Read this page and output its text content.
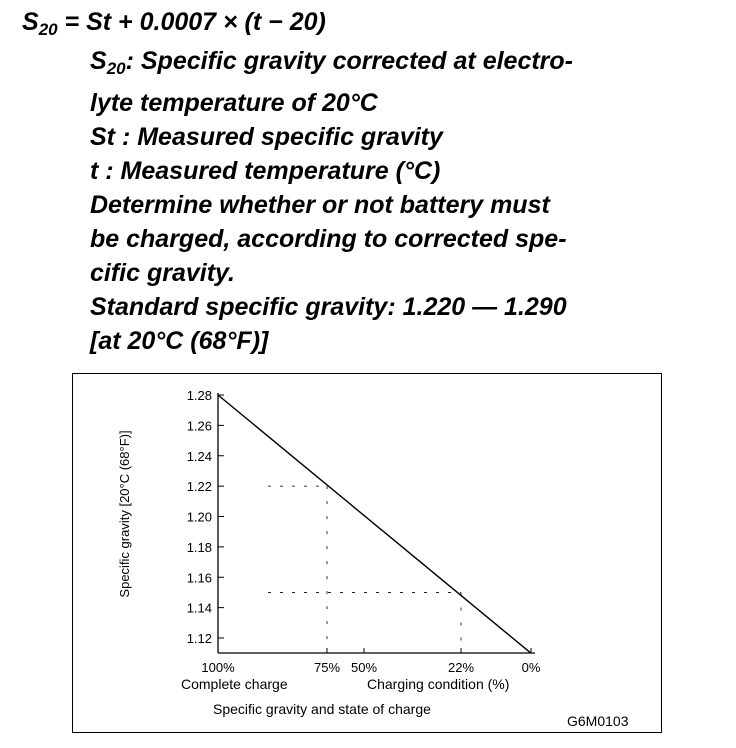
$S_{20} = St + 0.0007 \times (t - 20)$
$S_{20}$: Specific gravity corrected at electro-
lyte temperature of 20°C
St : Measured specific gravity
t : Measured temperature (°C)
Determine whether or not battery must
be charged, according to corrected spe-
cific gravity.
Standard specific gravity: 1.220 — 1.290
[at 20°C (68°F)]
1.28
1.26
1.24
1.22
1.20
1.18
1.16
1.14
1.12
100%	75% 50%	22%	0%
Specific gravity [20°C (68°F)]
Complete charge	Charging condition (%)
Specific gravity and state of charge
G6M0103
